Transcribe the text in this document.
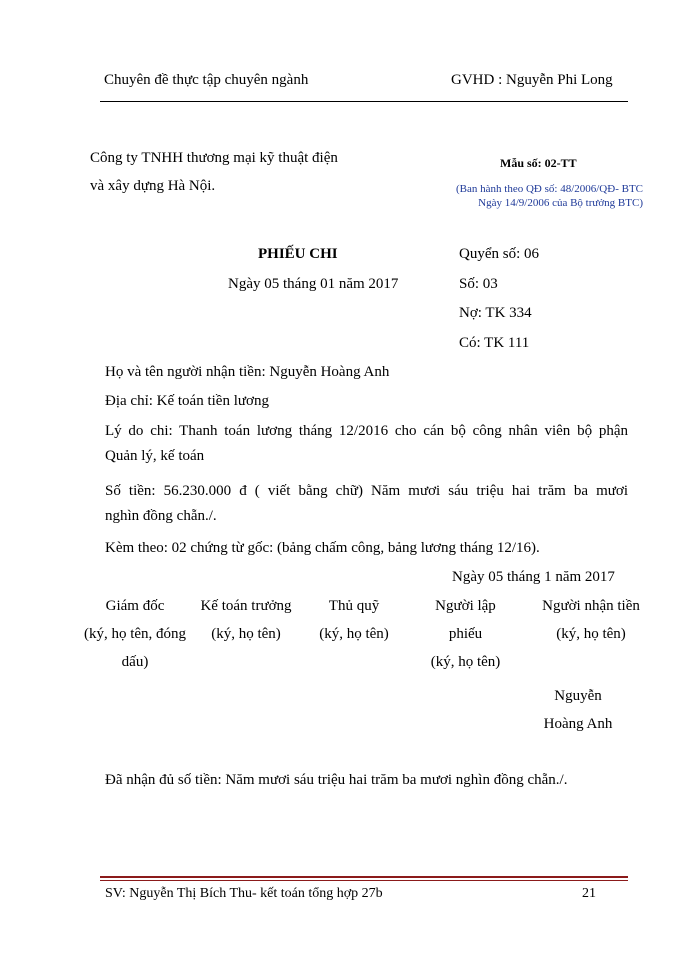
Chuyên đề thực tập chuyên ngành	GVHD : Nguyễn Phi Long
Công ty TNHH thương mại kỹ thuật điện
và xây dựng Hà Nội.
Mẫu số: 02-TT
(Ban hành theo QĐ số: 48/2006/QĐ- BTC
Ngày 14/9/2006 của Bộ trưởng BTC)
PHIẾU CHI
Ngày 05 tháng 01 năm 2017
Quyển số: 06
Số: 03
Nợ: TK 334
Có: TK 111
Họ và tên người nhận tiền: Nguyễn Hoàng Anh
Địa chỉ: Kế toán tiền lương
Lý do chi: Thanh toán lương tháng 12/2016 cho cán bộ công nhân viên bộ phận
Quản lý, kế toán
Số tiền: 56.230.000 đ ( viết bằng chữ) Năm mươi sáu triệu hai trăm ba mươi
nghìn đồng chẵn./.
Kèm theo: 02 chứng từ gốc: (bảng chấm công, bảng lương tháng 12/16).
Ngày 05 tháng 1 năm 2017
Giám đốc
(ký, họ tên, đóng dấu)
Kế toán trưởng
(ký, họ tên)
Thủ quỹ
(ký, họ tên)
Người lập phiếu
(ký, họ tên)
Người nhận tiền
(ký, họ tên)
Nguyễn Hoàng Anh
Đã nhận đủ số tiền: Năm mươi sáu triệu hai trăm ba mươi nghìn đồng chẵn./.
SV: Nguyễn Thị Bích Thu- kết toán tổng hợp 27b	21
